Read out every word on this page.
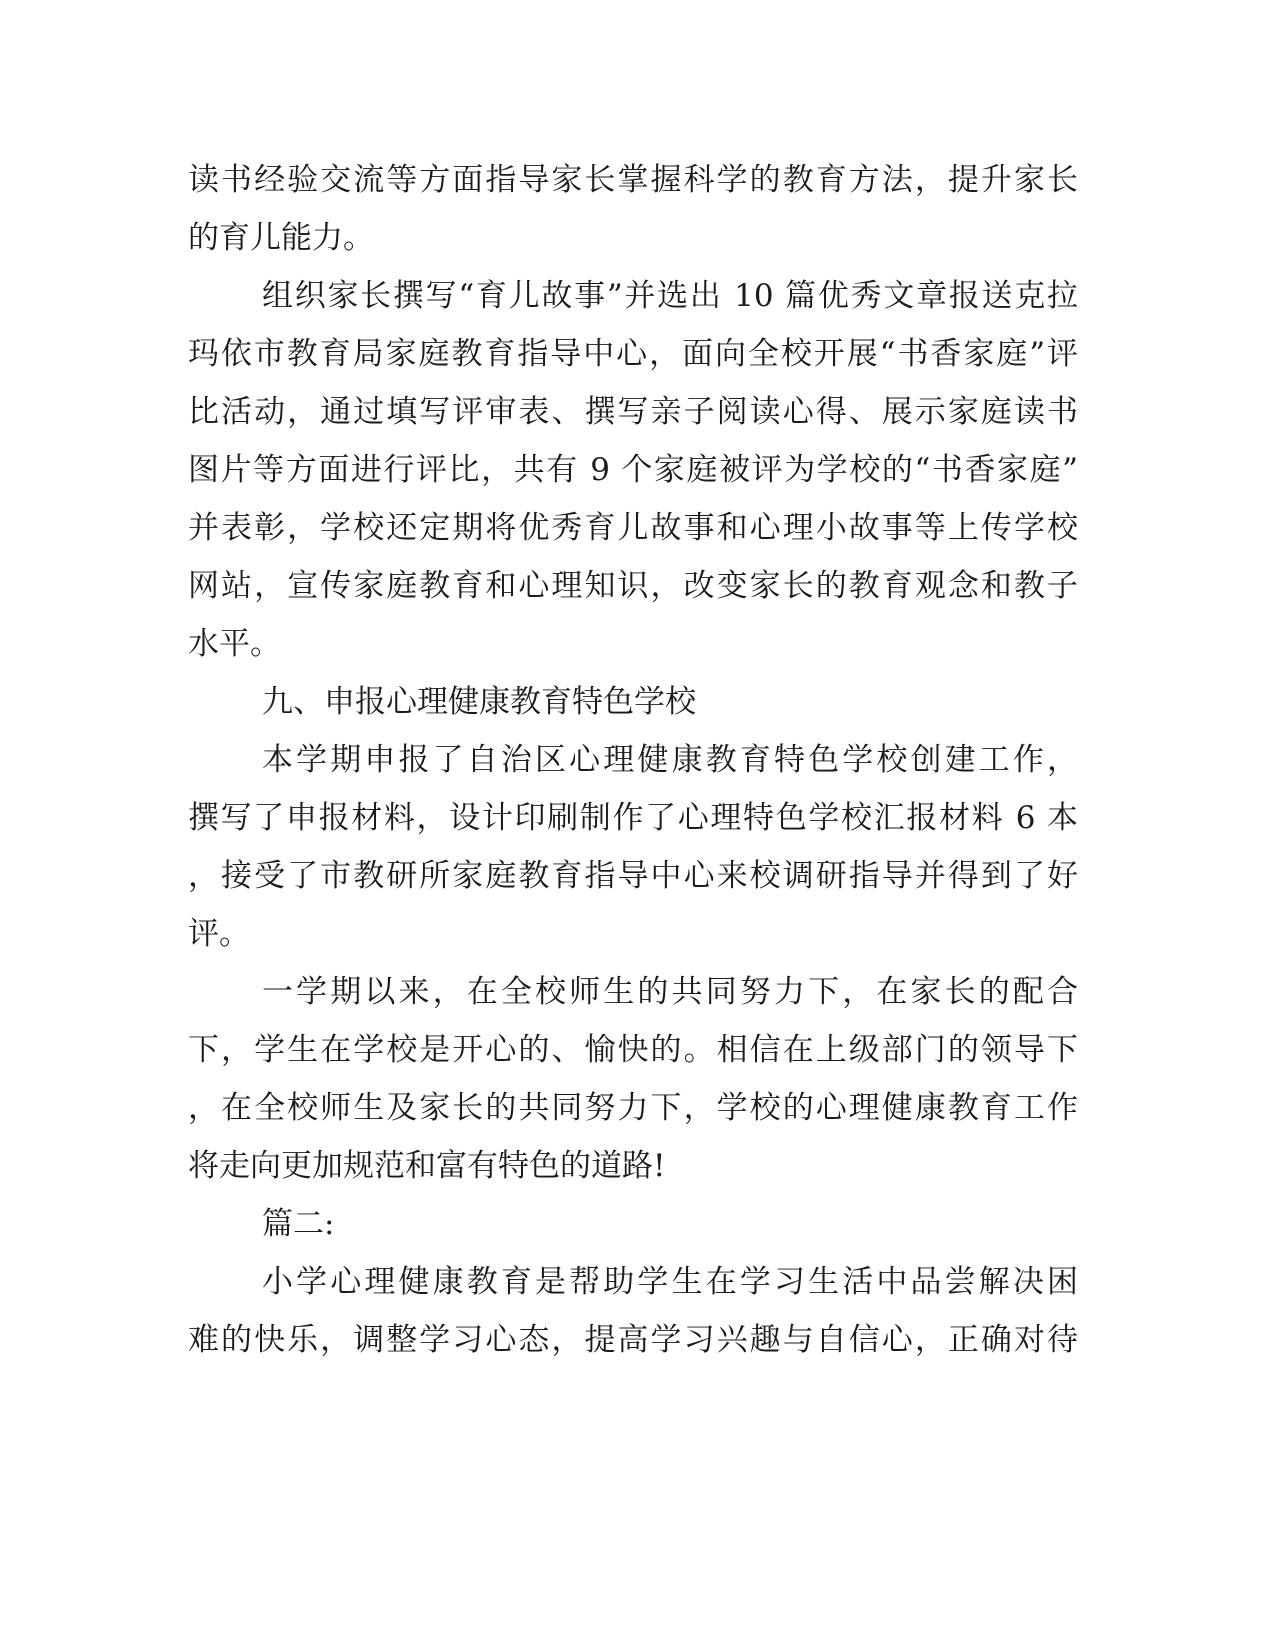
读书经验交流等方面指导家长掌握科学的教育方法，提升家长
的育儿能力。
组织家长撰写“育儿故事”并选出 10 篇优秀文章报送克拉
玛依市教育局家庭教育指导中心，面向全校开展“书香家庭”评
比活动，通过填写评审表、撰写亲子阅读心得、展示家庭读书
图片等方面进行评比，共有 9 个家庭被评为学校的“书香家庭”
并表彰，学校还定期将优秀育儿故事和心理小故事等上传学校
网站，宣传家庭教育和心理知识，改变家长的教育观念和教子
水平。
九、申报心理健康教育特色学校
本学期申报了自治区心理健康教育特色学校创建工作，
撰写了申报材料，设计印刷制作了心理特色学校汇报材料 6 本
，接受了市教研所家庭教育指导中心来校调研指导并得到了好
评。
一学期以来，在全校师生的共同努力下，在家长的配合
下，学生在学校是开心的、愉快的。相信在上级部门的领导下
，在全校师生及家长的共同努力下，学校的心理健康教育工作
将走向更加规范和富有特色的道路!
篇二:
小学心理健康教育是帮助学生在学习生活中品尝解决困
难的快乐，调整学习心态，提高学习兴趣与自信心，正确对待
